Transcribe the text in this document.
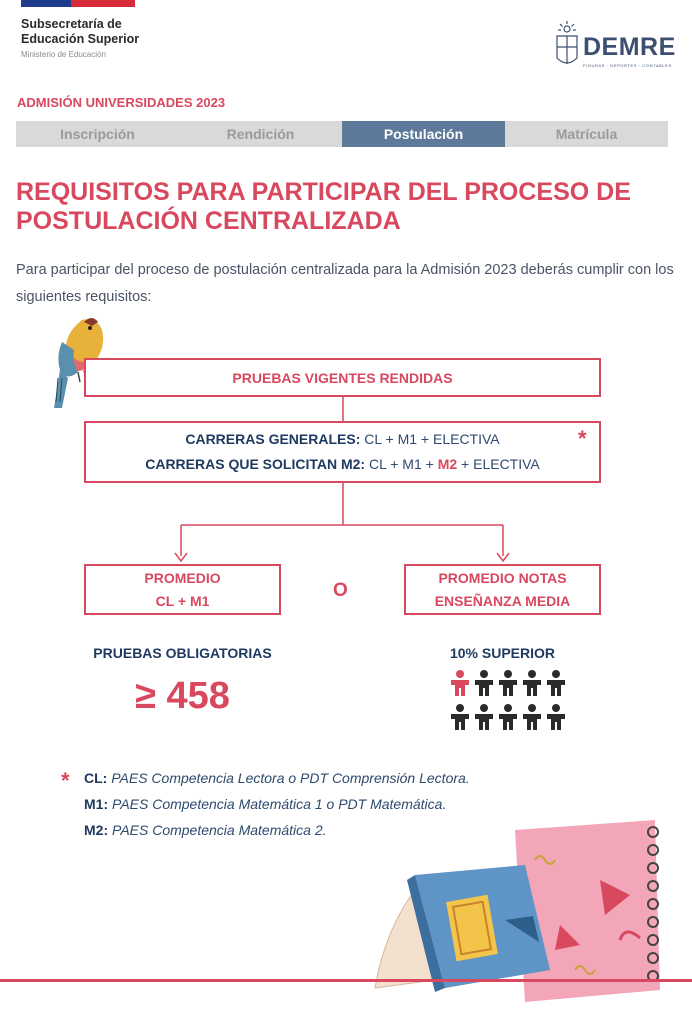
Subsecretaría de
Educación Superior
Ministerio de Educación	DEMRE
FIGURAS · DEPORTES · CONTABLES
ADMISIÓN UNIVERSIDADES 2023
Inscripción	Rendición	Postulación	Matrícula
REQUISITOS PARA PARTICIPAR DEL PROCESO DE POSTULACIÓN CENTRALIZADA
Para participar del proceso de postulación centralizada para la Admisión 2023 deberás cumplir con los siguientes requisitos:
PRUEBAS VIGENTES RENDIDAS
CARRERAS GENERALES: CL + M1 + ELECTIVA
CARRERAS QUE SOLICITAN M2: CL + M1 + M2 + ELECTIVA
*
PROMEDIO
CL + M1	O
PROMEDIO NOTAS
ENSEÑANZA MEDIA
PRUEBAS OBLIGATORIAS
≥ 458
10% SUPERIOR
* CL: PAES Competencia Lectora o PDT Comprensión Lectora.
M1: PAES Competencia Matemática 1 o PDT Matemática.
M2: PAES Competencia Matemática 2.
